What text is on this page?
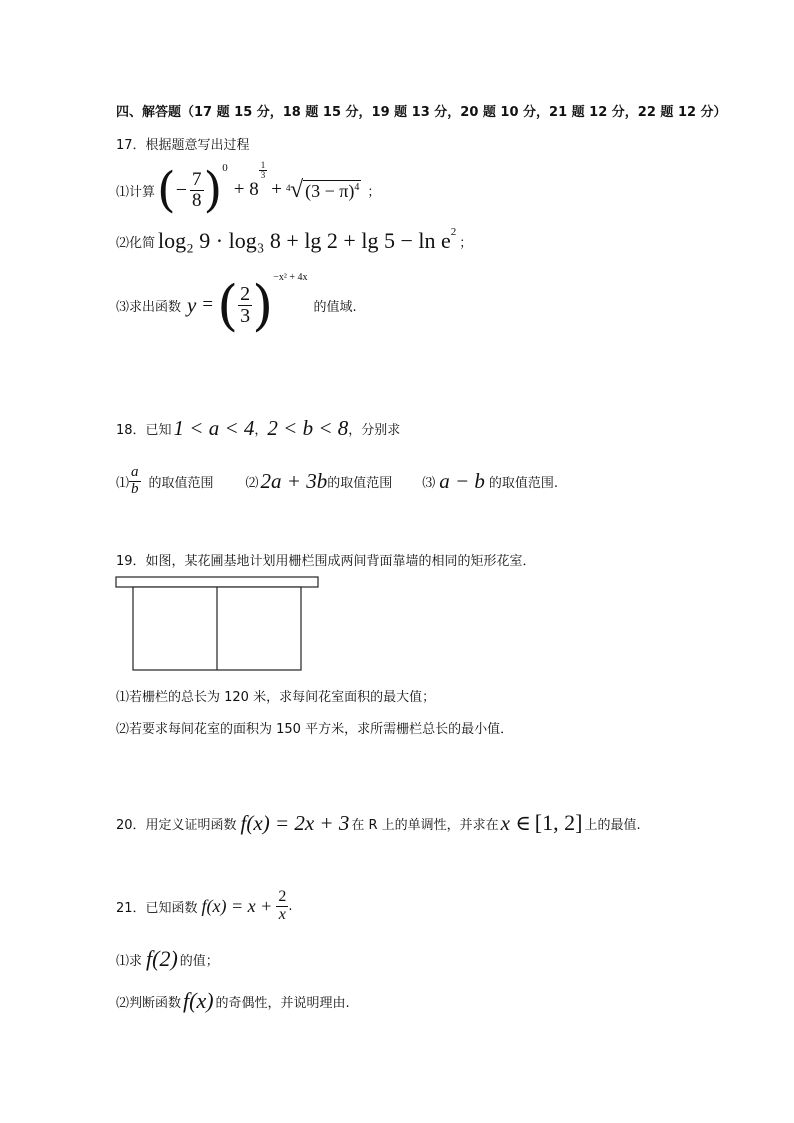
四、解答题（17 题 15 分，18 题 15 分，19 题 13 分，20 题 10 分，21 题 12 分，22 题 12 分）
17．根据题意写出过程
⑴计算 ( − $\frac{7}{8}$ ) 0
+ 8
$\frac{1}{3}$
+ 4 √ $(3 - \pi)^4$ ；
⑵化简 log₂ 9 · log₃ 8 + lg 2 + lg 5 − ln e 2
；
⑶求出函数 y = ( $\frac{2}{3}$ ) −x² + 4x
的值域.
18．已知 1 < a < 4 ， 2 < b < 8 ，分别求
⑴ $\frac{a}{b}$ 的取值范围 ⑵ 2a + 3b 的取值范围 ⑶ a − b 的取值范围.
19．如图，某花圃基地计划用栅栏围成两间背面靠墙的相同的矩形花室．
⑴若栅栏的总长为 120 米，求每间花室面积的最大值；
⑵若要求每间花室的面积为 150 平方米，求所需栅栏总长的最小值．
20．用定义证明函数 f(x) = 2x + 3 在 R 上的单调性，并求在 x ∈ [1, 2] 上的最值.
21．已知函数 $f(x) = x + \frac{2}{x}$ .
⑴求 f(2) 的值；
⑵判断函数 f(x) 的奇偶性，并说明理由.
